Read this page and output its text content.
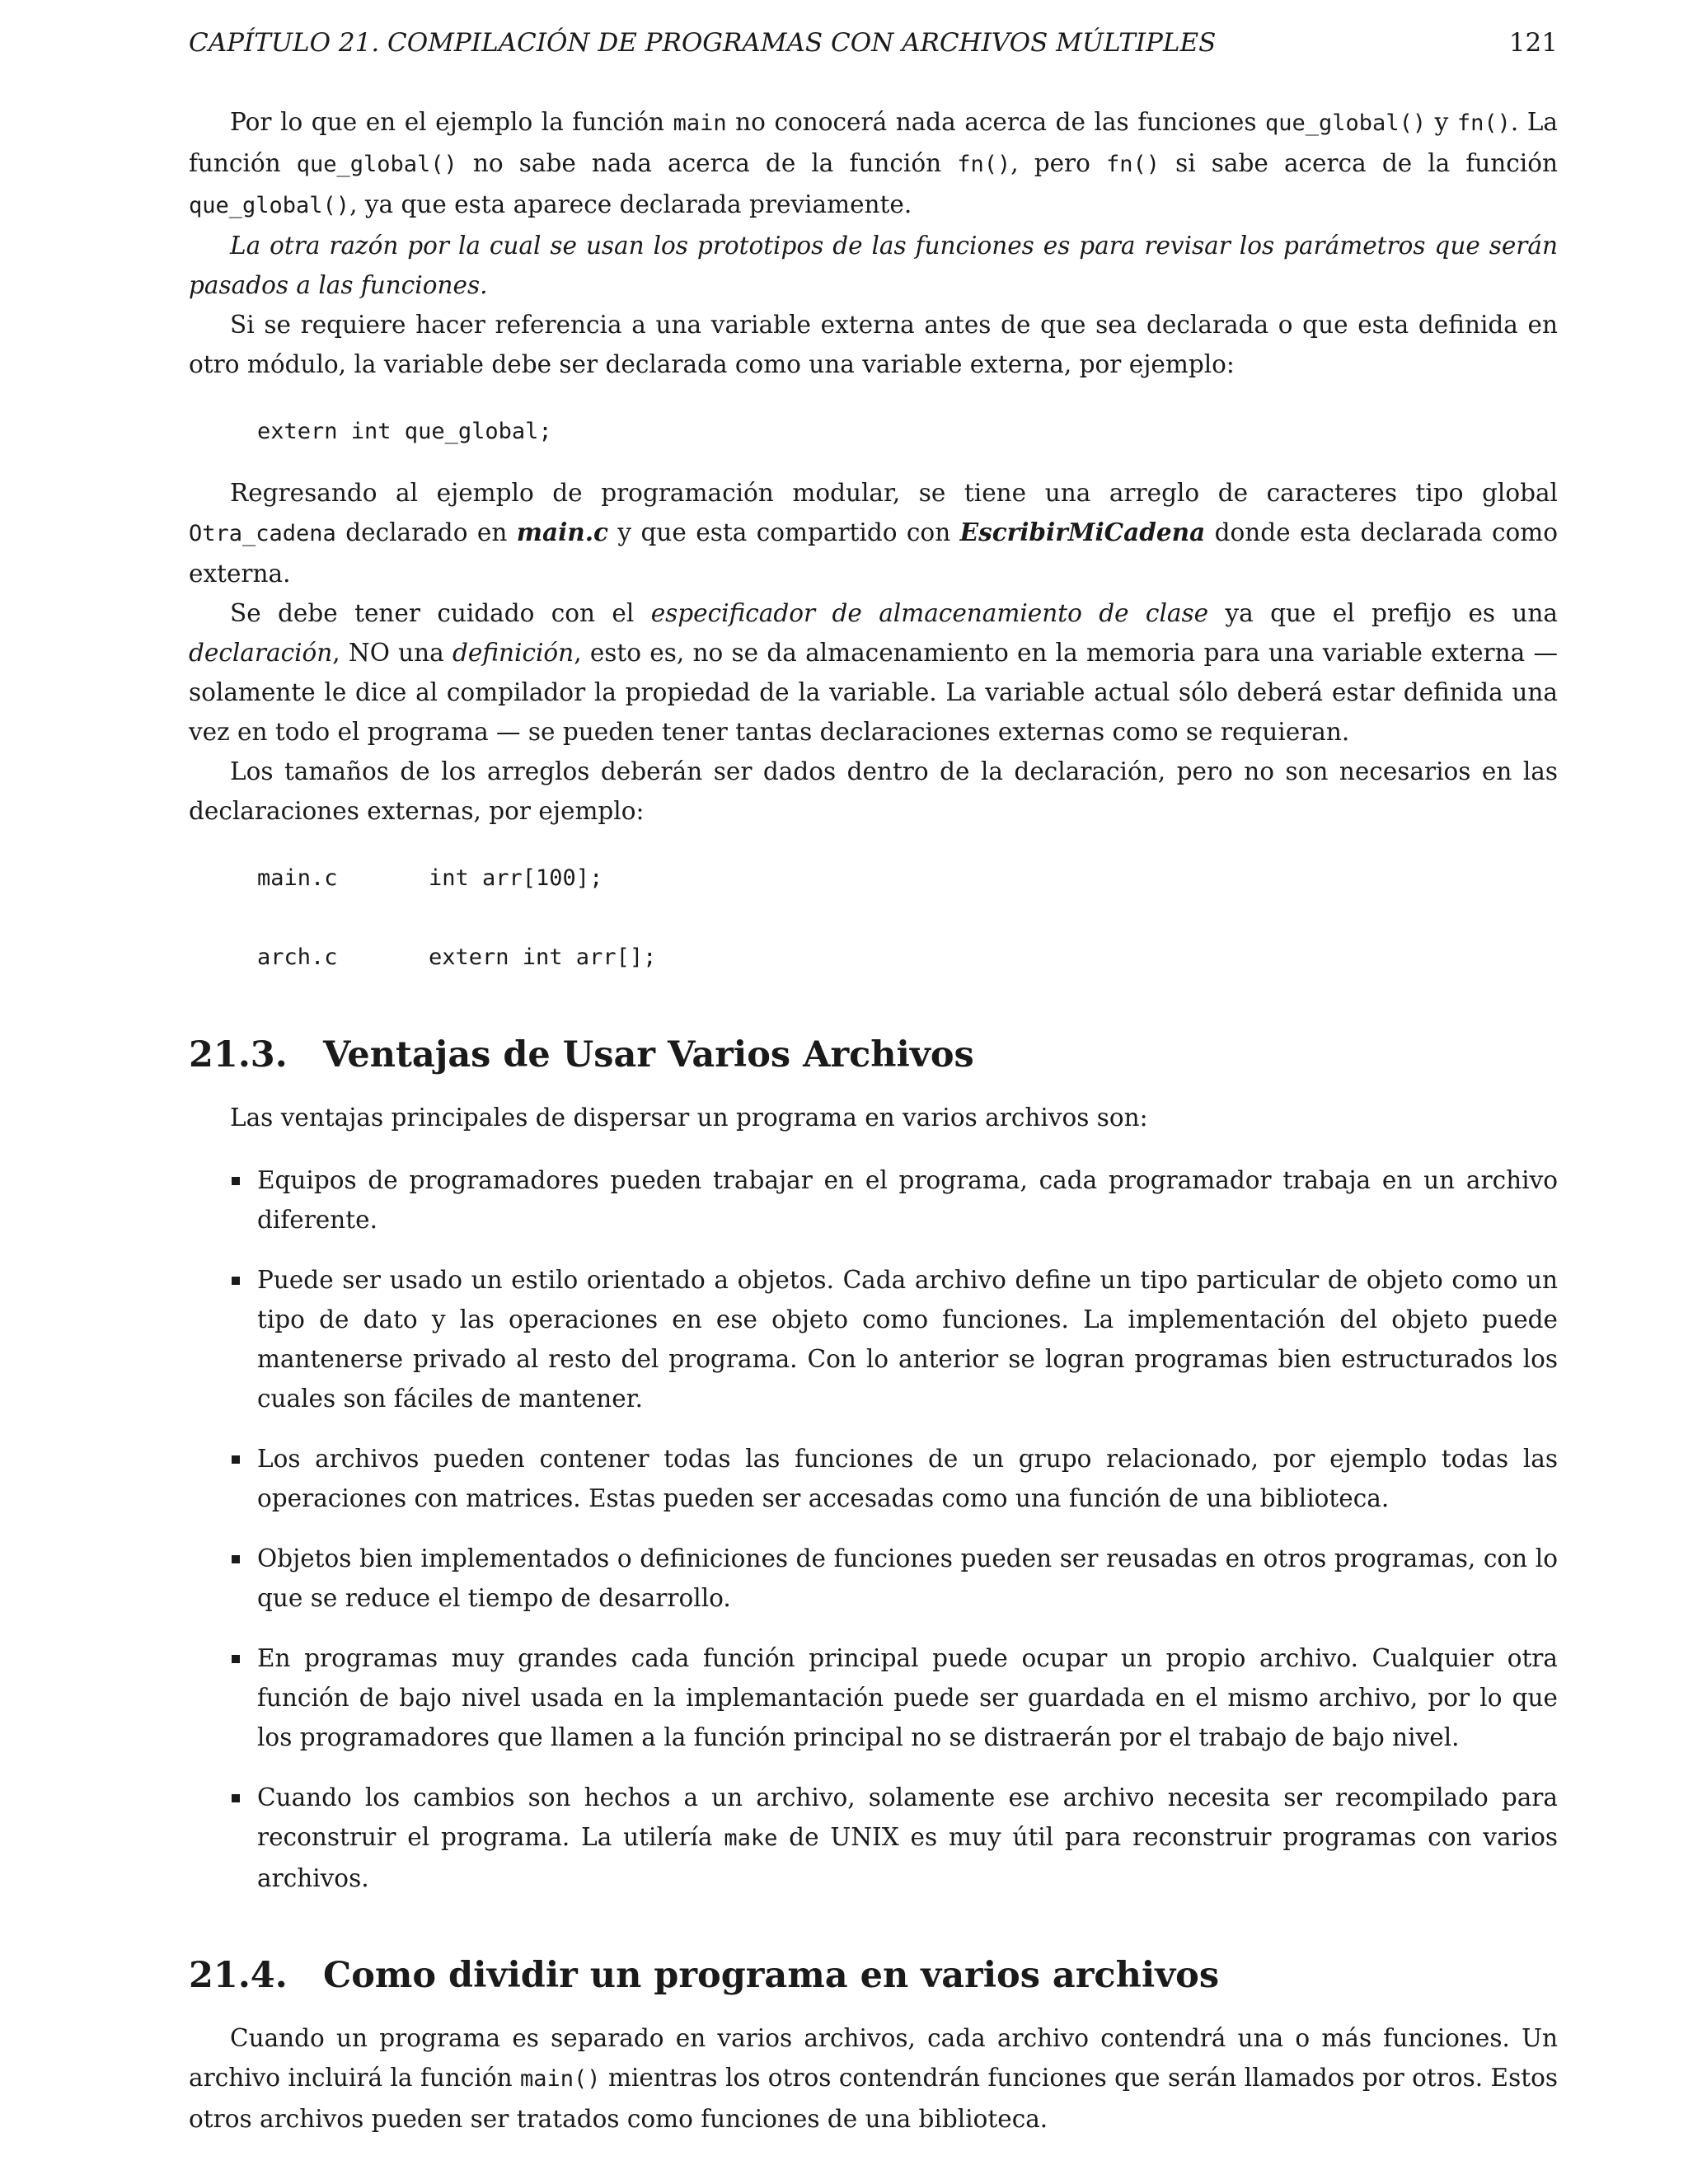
CAPÍTULO 21. COMPILACIÓN DE PROGRAMAS CON ARCHIVOS MÚLTIPLES	121

Por lo que en el ejemplo la función main no conocerá nada acerca de las funciones que_global() y fn(). La función que_global() no sabe nada acerca de la función fn(), pero fn() si sabe acerca de la función que_global(), ya que esta aparece declarada previamente.

La otra razón por la cual se usan los prototipos de las funciones es para revisar los parámetros que serán pasados a las funciones.

Si se requiere hacer referencia a una variable externa antes de que sea declarada o que esta definida en otro módulo, la variable debe ser declarada como una variable externa, por ejemplo:

extern int que_global;

Regresando al ejemplo de programación modular, se tiene una arreglo de caracteres tipo global Otra_cadena declarado en main.c y que esta compartido con EscribirMiCadena donde esta declarada como externa.

Se debe tener cuidado con el especificador de almacenamiento de clase ya que el prefijo es una declaración, NO una definición, esto es, no se da almacenamiento en la memoria para una variable externa — solamente le dice al compilador la propiedad de la variable. La variable actual sólo deberá estar definida una vez en todo el programa — se pueden tener tantas declaraciones externas como se requieran.

Los tamaños de los arreglos deberán ser dados dentro de la declaración, pero no son necesarios en las declaraciones externas, por ejemplo:

main.c	int arr[100];
arch.c	extern int arr[];
21.3.	Ventajas de Usar Varios Archivos

Las ventajas principales de dispersar un programa en varios archivos son:

Equipos de programadores pueden trabajar en el programa, cada programador trabaja en un archivo diferente.
Puede ser usado un estilo orientado a objetos. Cada archivo define un tipo particular de objeto como un tipo de dato y las operaciones en ese objeto como funciones. La implementación del objeto puede mantenerse privado al resto del programa. Con lo anterior se logran programas bien estructurados los cuales son fáciles de mantener.
Los archivos pueden contener todas las funciones de un grupo relacionado, por ejemplo todas las operaciones con matrices. Estas pueden ser accesadas como una función de una biblioteca.
Objetos bien implementados o definiciones de funciones pueden ser reusadas en otros programas, con lo que se reduce el tiempo de desarrollo.
En programas muy grandes cada función principal puede ocupar un propio archivo. Cualquier otra función de bajo nivel usada en la implemantación puede ser guardada en el mismo archivo, por lo que los programadores que llamen a la función principal no se distraerán por el trabajo de bajo nivel.
Cuando los cambios son hechos a un archivo, solamente ese archivo necesita ser recompilado para reconstruir el programa. La utilería make de UNIX es muy útil para reconstruir programas con varios archivos.
21.4.	Como dividir un programa en varios archivos

Cuando un programa es separado en varios archivos, cada archivo contendrá una o más funciones. Un archivo incluirá la función main() mientras los otros contendrán funciones que serán llamados por otros. Estos otros archivos pueden ser tratados como funciones de una biblioteca.
